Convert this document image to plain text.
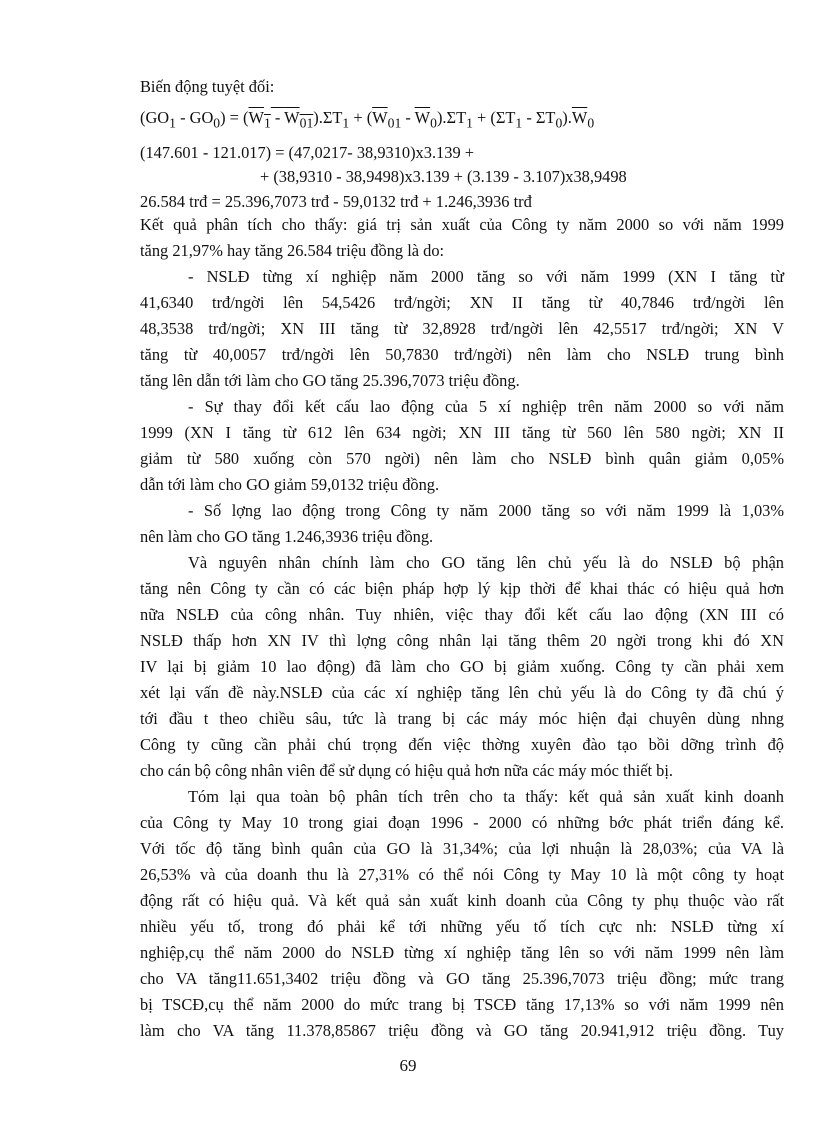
Biến động tuyệt đối:
$(GO_1 - GO_0) = (W_1 - W_{01}).\Sigma T_1 + (\overline{W}_{01} - \overline{W}_0).\Sigma T_1 + (\Sigma T_1 - \Sigma T_0).\overline{W}_0$
(147.601 - 121.017) = (47,0217- 38,9310)x3.139 +
+ (38,9310 - 38,9498)x3.139 + (3.139 - 3.107)x38,9498
26.584 trđ = 25.396,7073 trđ - 59,0132 trđ + 1.246,3936 trđ
Kết quả phân tích cho thấy: giá trị sản xuất của Công ty năm 2000 so với năm 1999
tăng 21,97% hay tăng 26.584 triệu đồng là do:
- NSLĐ từng xí nghiệp năm 2000 tăng so với năm 1999 (XN I tăng từ
41,6340 trđ/ngời lên 54,5426 trđ/ngời; XN II tăng từ 40,7846 trđ/ngời lên
48,3538 trđ/ngời; XN III tăng từ 32,8928 trđ/ngời lên 42,5517 trđ/ngời; XN V
tăng từ 40,0057 trđ/ngời lên 50,7830 trđ/ngời) nên làm cho NSLĐ trung bình
tăng lên dẫn tới làm cho GO tăng 25.396,7073 triệu đồng.
- Sự thay đổi kết cấu lao động của 5 xí nghiệp trên năm 2000 so với năm
1999 (XN I tăng từ 612 lên 634 ngời; XN III tăng từ 560 lên 580 ngời; XN II
giảm từ 580 xuống còn 570 ngời) nên làm cho NSLĐ bình quân giảm 0,05%
dẫn tới làm cho GO giảm 59,0132 triệu đồng.
- Số lợng lao động trong Công ty năm 2000 tăng so với năm 1999 là 1,03%
nên làm cho GO tăng 1.246,3936 triệu đồng.
Và nguyên nhân chính làm cho GO tăng lên chủ yếu là do NSLĐ bộ phận
tăng nên Công ty cần có các biện pháp hợp lý kịp thời để khai thác có hiệu quả hơn
nữa NSLĐ của công nhân. Tuy nhiên, việc thay đổi kết cấu lao động (XN III có
NSLĐ thấp hơn XN IV thì lợng công nhân lại tăng thêm 20 ngời trong khi đó XN
IV lại bị giảm 10 lao động) đã làm cho GO bị giảm xuống. Công ty cần phải xem
xét lại vấn đề này.NSLĐ của các xí nghiệp tăng lên chủ yếu là do Công ty đã chú ý
tới đầu t theo chiều sâu, tức là trang bị các máy móc hiện đại chuyên dùng nhng
Công ty cũng cần phải chú trọng đến việc thờng xuyên đào tạo bồi dỡng trình độ
cho cán bộ công nhân viên để sử dụng có hiệu quả hơn nữa các máy móc thiết bị.
Tóm lại qua toàn bộ phân tích trên cho ta thấy: kết quả sản xuất kinh doanh
của Công ty May 10 trong giai đoạn 1996 - 2000 có những bớc phát triển đáng kể.
Với tốc độ tăng bình quân của GO là 31,34%; của lợi nhuận là 28,03%; của VA là
26,53% và của doanh thu là 27,31% có thể nói Công ty May 10 là một công ty hoạt
động rất có hiệu quả. Và kết quả sản xuất kinh doanh của Công ty phụ thuộc vào rất
nhiều yếu tố, trong đó phải kể tới những yếu tố tích cực nh: NSLĐ từng xí
nghiệp,cụ thể năm 2000 do NSLĐ từng xí nghiệp tăng lên so với năm 1999 nên làm
cho VA tăng11.651,3402 triệu đồng và GO tăng 25.396,7073 triệu đồng; mức trang
bị TSCĐ,cụ thể năm 2000 do mức trang bị TSCĐ tăng 17,13% so với năm 1999 nên
làm cho VA tăng 11.378,85867 triệu đồng và GO tăng 20.941,912 triệu đồng. Tuy
69
